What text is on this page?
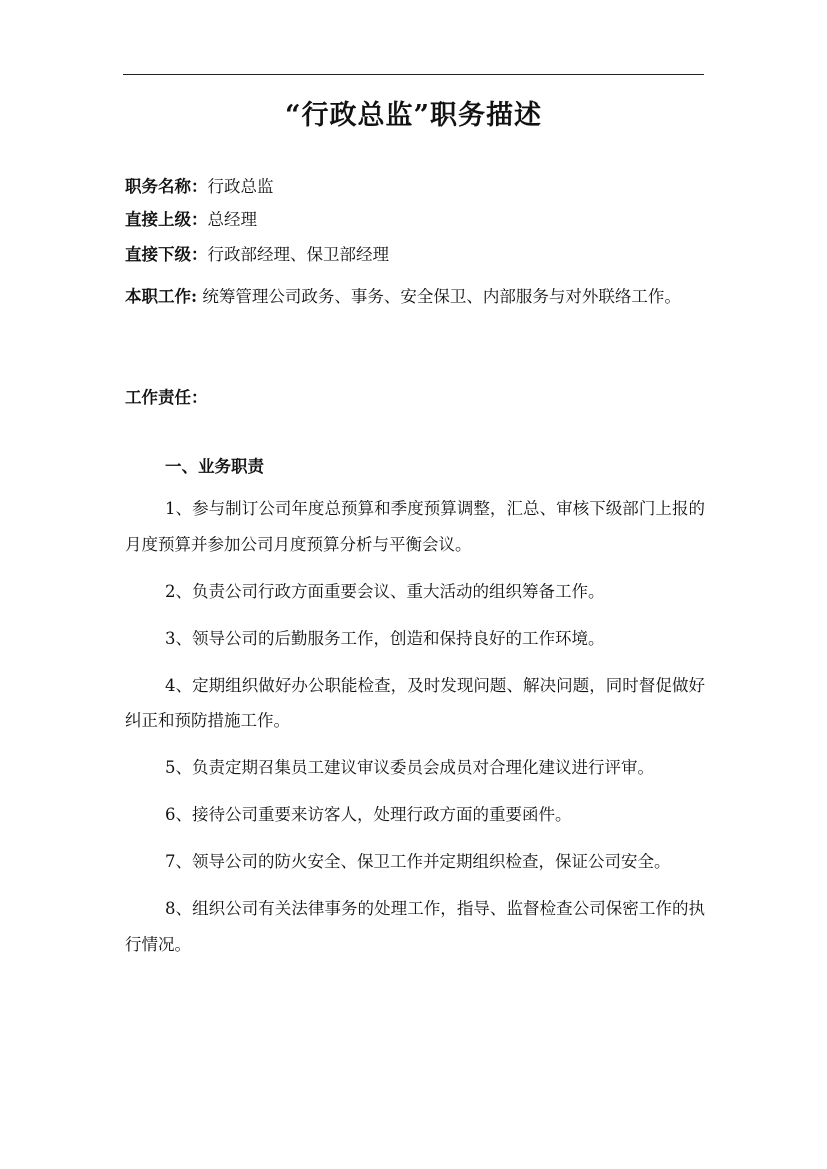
“行政总监”职务描述
职务名称：行政总监
直接上级：总经理
直接下级：行政部经理、保卫部经理
本职工作: 统筹管理公司政务、事务、安全保卫、内部服务与对外联络工作。
工作责任：
一、业务职责
1、参与制订公司年度总预算和季度预算调整，汇总、审核下级部门上报的月度预算并参加公司月度预算分析与平衡会议。
2、负责公司行政方面重要会议、重大活动的组织筹备工作。
3、领导公司的后勤服务工作，创造和保持良好的工作环境。
4、定期组织做好办公职能检查，及时发现问题、解决问题，同时督促做好纠正和预防措施工作。
5、负责定期召集员工建议审议委员会成员对合理化建议进行评审。
6、接待公司重要来访客人，处理行政方面的重要函件。
7、领导公司的防火安全、保卫工作并定期组织检查，保证公司安全。
8、组织公司有关法律事务的处理工作，指导、监督检查公司保密工作的执行情况。
